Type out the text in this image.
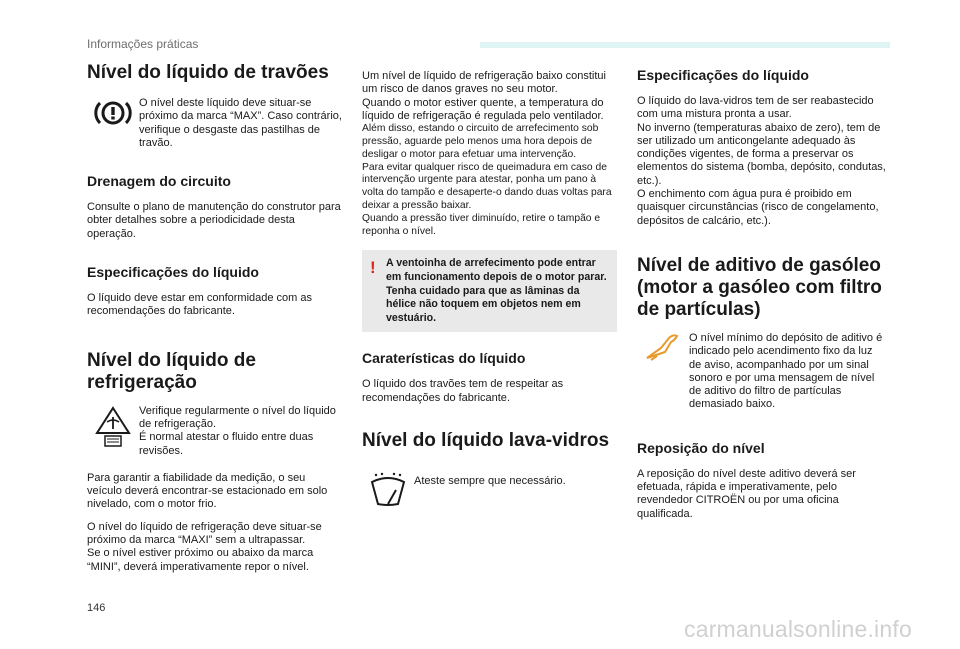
Informações práticas
Nível do líquido de travões

O nível deste líquido deve situar-se próximo da marca “MAX”. Caso contrário, verifique o desgaste das pastilhas de travão.

Drenagem do circuito

Consulte o plano de manutenção do construtor para obter detalhes sobre a periodicidade desta operação.

Especificações do líquido

O líquido deve estar em conformidade com as recomendações do fabricante.

Nível do líquido de refrigeração

Verifique regularmente o nível do líquido de refrigeração.

É normal atestar o fluido entre duas revisões.

Para garantir a fiabilidade da medição, o seu veículo deverá encontrar-se estacionado em solo nivelado, com o motor frio.

O nível do líquido de refrigeração deve situar-se próximo da marca “MAXI” sem a ultrapassar.

Se o nível estiver próximo ou abaixo da marca “MINI”, deverá imperativamente repor o nível.

Um nível de líquido de refrigeração baixo constitui um risco de danos graves no seu motor.

Quando o motor estiver quente, a temperatura do líquido de refrigeração é regulada pelo ventilador.

Além disso, estando o circuito de arrefecimento sob pressão, aguarde pelo menos uma hora depois de desligar o motor para efetuar uma intervenção.

Para evitar qualquer risco de queimadura em caso de intervenção urgente para atestar, ponha um pano à volta do tampão e desaperte-o dando duas voltas para deixar a pressão baixar.

Quando a pressão tiver diminuído, retire o tampão e reponha o nível.

! A ventoinha de arrefecimento pode entrar em funcionamento depois de o motor parar. Tenha cuidado para que as lâminas da hélice não toquem em objetos nem em vestuário.

Caraterísticas do líquido

O líquido dos travões tem de respeitar as recomendações do fabricante.

Nível do líquido lava-vidros

Ateste sempre que necessário.

Especificações do líquido

O líquido do lava-vidros tem de ser reabastecido com uma mistura pronta a usar.

No inverno (temperaturas abaixo de zero), tem de ser utilizado um anticongelante adequado às condições vigentes, de forma a preservar os elementos do sistema (bomba, depósito, condutas, etc.).

O enchimento com água pura é proibido em quaisquer circunstâncias (risco de congelamento, depósitos de calcário, etc.).

Nível de aditivo de gasóleo (motor a gasóleo com filtro de partículas)

O nível mínimo do depósito de aditivo é indicado pelo acendimento fixo da luz de aviso, acompanhado por um sinal sonoro e por uma mensagem de nível de aditivo do filtro de partículas demasiado baixo.

Reposição do nível

A reposição do nível deste aditivo deverá ser efetuada, rápida e imperativamente, pelo revendedor CITROËN ou por uma oficina qualificada.

146
carmanualsonline.info
